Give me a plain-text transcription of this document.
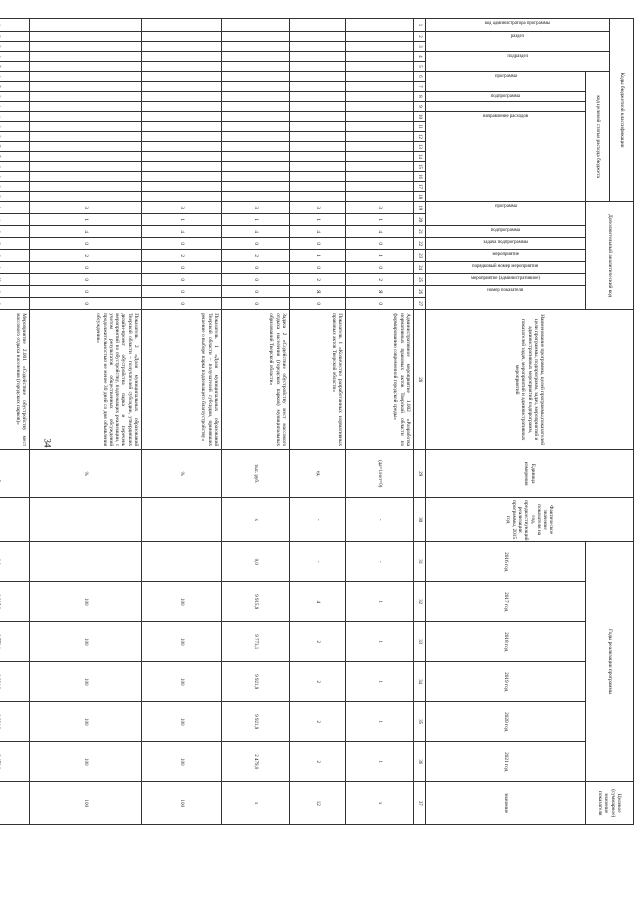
34
Коды бюджетной классификации																		Дополнительный аналитический код									Наименование программы, целей программы,показателей цели программы, подпрограмм, задач, мероприятий и административных мероприятий подпрограмм, показателей задач, мероприятий и административных мероприятий	Единица измерения	Фактическое значение показателя на год, предшествующий реализации программы, 2015 год	Годы реализации программы						Целевое (суммарное) значение показателя

код администратора программы	раздел		подраздел		код целевой статьи расхода бюджета																															

					программа		подпрограмма		направление расходов									программа		подпрограмма	задача подпрограммы	мероприятие	порядковый номер мероприятия	мероприятие (административное)	номер показателя					2016 год	2017 год	2018 год	2019 год	2020 год	2021 год	значение
1	2	3	4	5	6	7	8	9	10	11	12	13	14	15	16	17	18	19	20	21	22	23	24	25	26	27	28	29	30	31	32	33	34	35	36	37
																		3	1	4	0	1	0	2	Я	0	Административное мероприятие 1.002 «Разработка нормативных правовых актов Тверской области по формированию современной городской среды»	(да=1/нет=0)	-	-	1	1	1	1	1	х
																		3	1	4	0	1	0	2	Я	0	Показатель 1 «Количество разработанных нормативных правовых актов Тверской области»	ед.	-	-	4	2	2	2	2	12
																		3	1	4	0	2	0	0	0	0	Задача 2 «Содействие обустройству мест массового отдыха населения (городских парков) муниципальных образований Тверской области»	тыс. руб.	х	0,0	9 915,9	9 773,1	9 921,9	9 921,9	2 479,0	х
																		3	1	4	0	2	0	0	0	0	Показатель 1 «Доля муниципальных образований Тверской области – получателей субсидии, принявших решение о выборе парка подлежащего благоустройству»	%			100	100	100	100	100	100
																		3	1	4	0	2	0	0	0	0	Показатель 2 «Доля муниципальных образований Тверской области – получателей субсидии, утвердивших дизайн-проект обустройства парка и перечень мероприятий по обустройству, подлежащих реализации, с учетом результатов общественных обсуждений продолжительностью не менее 30 дней со дня объявления обсуждения»	%			100	100	100	100	100	100
																											Мероприятие 2.001 «Содействие обустройству мест массового отдыха населения (городских парков)»									
